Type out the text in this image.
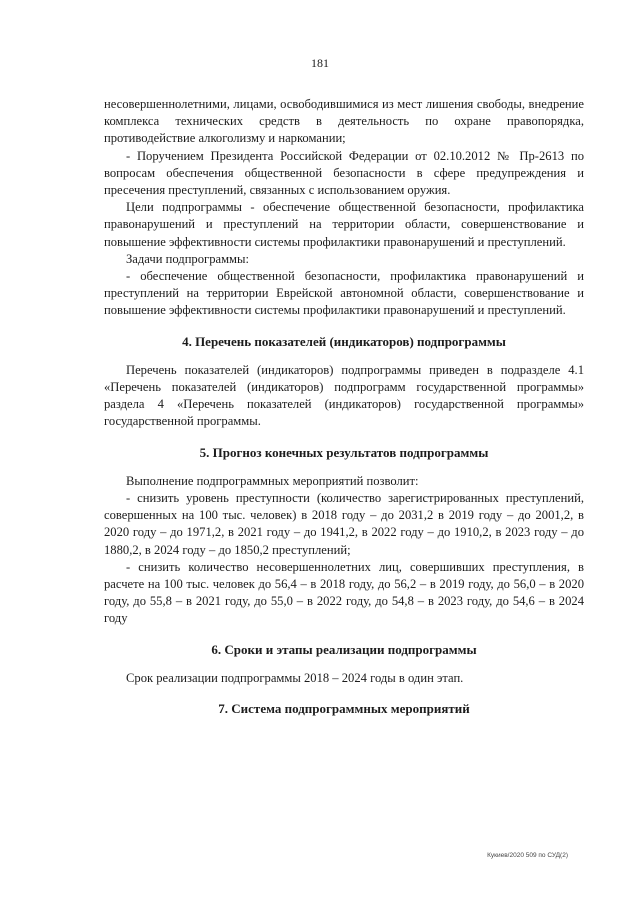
181

несовершеннолетними, лицами, освободившимися из мест лишения свободы, внедрение комплекса технических средств в деятельность по охране правопорядка, противодействие алкоголизму и наркомании;

- Поручением Президента Российской Федерации от 02.10.2012 № Пр-2613 по вопросам обеспечения общественной безопасности в сфере предупреждения и пресечения преступлений, связанных с использованием оружия.

Цели подпрограммы - обеспечение общественной безопасности, профилактика правонарушений и преступлений на территории области, совершенствование и повышение эффективности системы профилактики правонарушений и преступлений.

Задачи подпрограммы:

- обеспечение общественной безопасности, профилактика правонарушений и преступлений на территории Еврейской автономной области, совершенствование и повышение эффективности системы профилактики правонарушений и преступлений.

4. Перечень показателей (индикаторов) подпрограммы

Перечень показателей (индикаторов) подпрограммы приведен в подразделе 4.1 «Перечень показателей (индикаторов) подпрограмм государственной программы» раздела 4 «Перечень показателей (индикаторов) государственной программы» государственной программы.

5. Прогноз конечных результатов подпрограммы

Выполнение подпрограммных мероприятий позволит:

- снизить уровень преступности (количество зарегистрированных преступлений, совершенных на 100 тыс. человек) в 2018 году – до 2031,2 в 2019 году – до 2001,2, в 2020 году – до 1971,2, в 2021 году – до 1941,2, в 2022 году – до 1910,2, в 2023 году – до 1880,2, в 2024 году – до 1850,2 преступлений;

- снизить количество несовершеннолетних лиц, совершивших преступления, в расчете на 100 тыс. человек до 56,4 – в 2018 году, до 56,2 – в 2019 году, до 56,0 – в 2020 году, до 55,8 – в 2021 году, до 55,0 – в 2022 году, до 54,8 – в 2023 году, до 54,6 – в 2024 году

6. Сроки и этапы реализации подпрограммы

Срок реализации подпрограммы 2018 – 2024 годы в один этап.

7. Система подпрограммных мероприятий
Кукиев/2020 509 по СУД(2)
